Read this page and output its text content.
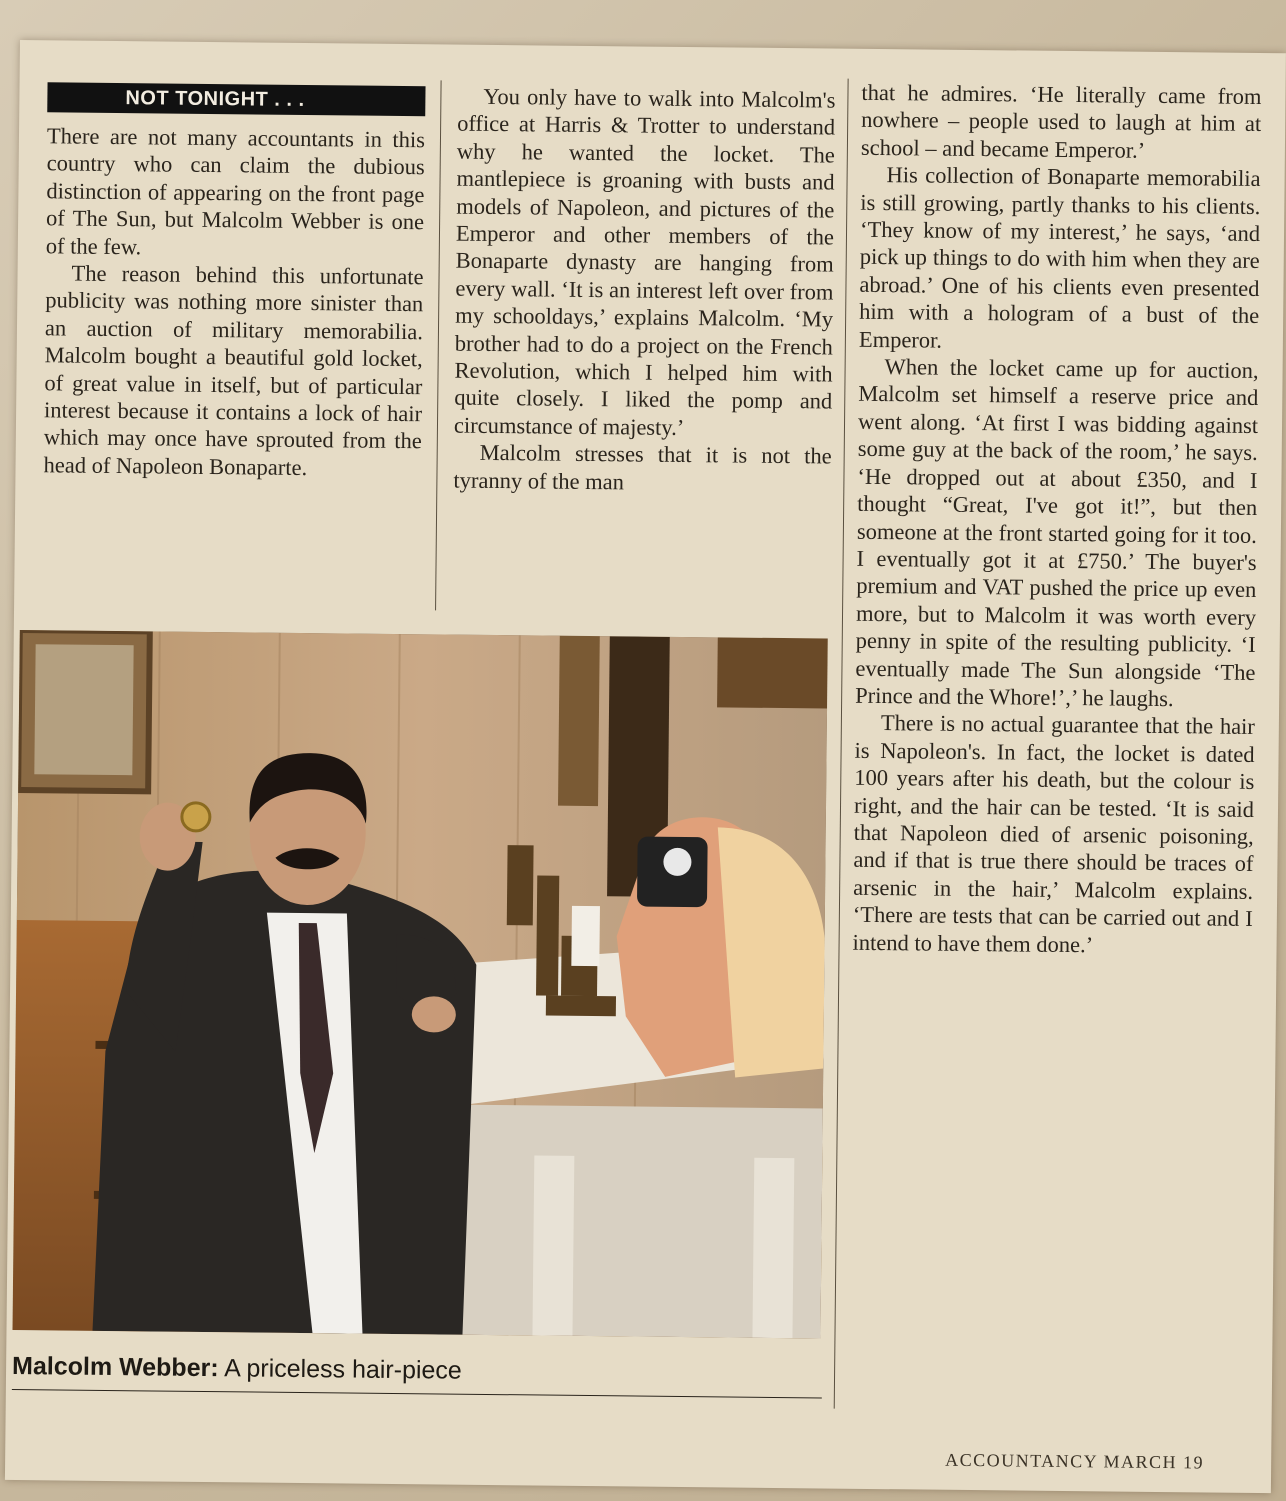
NOT TONIGHT . . .

There are not many accountants in this country who can claim the dubious distinction of appearing on the front page of The Sun, but Malcolm Webber is one of the few.

The reason behind this unfortunate publicity was nothing more sinister than an auction of military memorabilia. Malcolm bought a beautiful gold locket, of great value in itself, but of particular interest because it contains a lock of hair which may once have sprouted from the head of Napoleon Bonaparte.

You only have to walk into Malcolm's office at Harris & Trotter to understand why he wanted the locket. The mantlepiece is groaning with busts and models of Napoleon, and pictures of the Emperor and other members of the Bonaparte dynasty are hanging from every wall. ‘It is an interest left over from my schooldays,’ explains Malcolm. ‘My brother had to do a project on the French Revolution, which I helped him with quite closely. I liked the pomp and circumstance of majesty.’

Malcolm stresses that it is not the tyranny of the man

that he admires. ‘He literally came from nowhere – people used to laugh at him at school – and became Emperor.’

His collection of Bonaparte memorabilia is still growing, partly thanks to his clients. ‘They know of my interest,’ he says, ‘and pick up things to do with him when they are abroad.’ One of his clients even presented him with a hologram of a bust of the Emperor.

When the locket came up for auction, Malcolm set himself a reserve price and went along. ‘At first I was bidding against some guy at the back of the room,’ he says. ‘He dropped out at about £350, and I thought “Great, I've got it!”, but then someone at the front started going for it too. I eventually got it at £750.’ The buyer's premium and VAT pushed the price up even more, but to Malcolm it was worth every penny in spite of the resulting publicity. ‘I eventually made The Sun alongside ‘The Prince and the Whore!’,’ he laughs.

There is no actual guarantee that the hair is Napoleon's. In fact, the locket is dated 100 years after his death, but the colour is right, and the hair can be tested. ‘It is said that Napoleon died of arsenic poisoning, and if that is true there should be traces of arsenic in the hair,’ Malcolm explains. ‘There are tests that can be carried out and I intend to have them done.’

Malcolm Webber: A priceless hair-piece
ACCOUNTANCY MARCH 19
